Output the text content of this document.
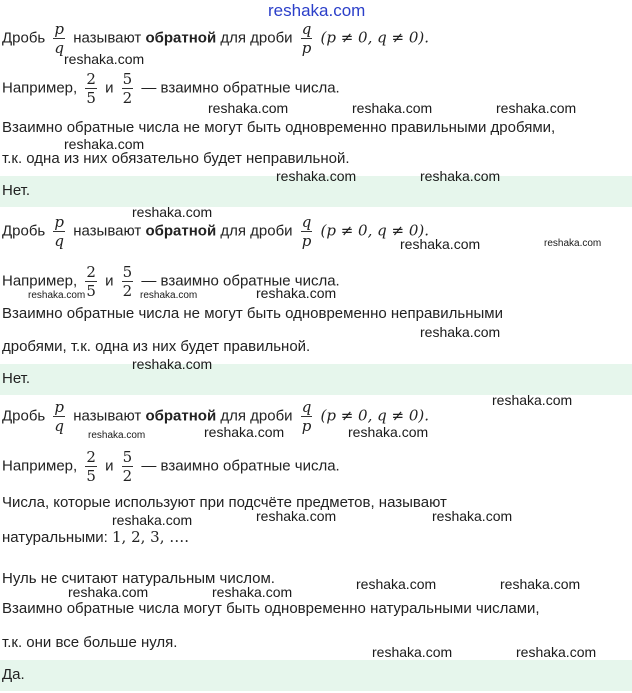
reshaka.com
Дробь $\frac{p}{q}$ называют обратной для дроби $\frac{q}{p} (p \ne 0$, q ≠ 0).
Например, $\frac{2}{5}$ и $\frac{5}{2}$ — взаимно обратные числа.
Взаимно обратные числа не могут быть одновременно правильными дробями,
т.к. одна из них обязательно будет неправильной.
Нет.
Дробь $\frac{p}{q}$ называют обратной для дроби $\frac{q}{p} (p \ne 0$, q ≠ 0).
Например, $\frac{2}{5}$ и $\frac{5}{2}$ — взаимно обратные числа.
Взаимно обратные числа не могут быть одновременно неправильными
дробями, т.к. одна из них будет правильной.
Нет.
Дробь $\frac{p}{q}$ называют обратной для дроби $\frac{q}{p} (p \ne 0$, q ≠ 0).
Например, $\frac{2}{5}$ и $\frac{5}{2}$ — взаимно обратные числа.
Числа, которые используют при подсчёте предметов, называют
натуральными: 1, 2, 3, ….
Нуль не считают натуральным числом.
Взаимно обратные числа могут быть одновременно натуральными числами,
т.к. они все больше нуля.
Да.
reshaka.com
reshaka.com	reshaka.com	reshaka.com
reshaka.com
reshaka.com	reshaka.com
reshaka.com
reshaka.com	reshaka.com
reshaka.com	reshaka.com	reshaka.com
reshaka.com
reshaka.com
reshaka.com
reshaka.com	reshaka.com	reshaka.com
reshaka.com	reshaka.com	reshaka.com
reshaka.com	reshaka.com
reshaka.com	reshaka.com
reshaka.com	reshaka.com
